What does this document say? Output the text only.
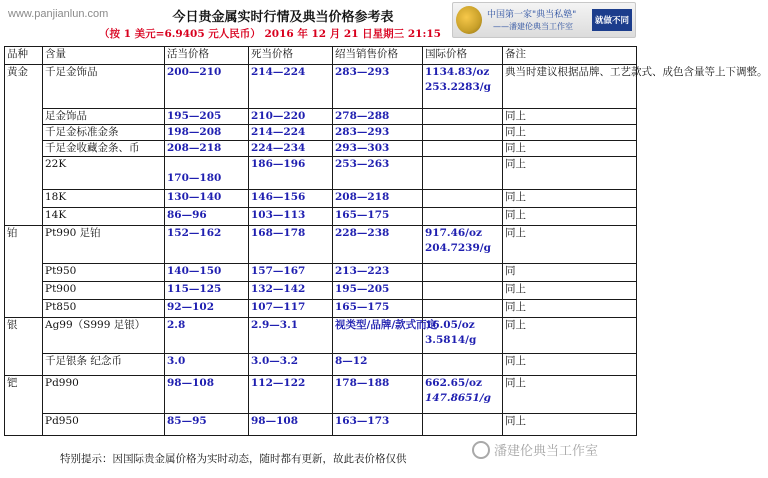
www.panjianlun.com	今日贵金属实时行情及典当价格参考表
（按 1 美元=6.9405 元人民币） 2016 年 12 月 21 日星期三 21:15
中国第一家"典当私塾"
——潘建伦典当工作室
就做不同
品种	含量	活当价格	死当价格	绍当销售价格	国际价格	备注
黄金	千足金饰品	200—210	214—224	283—293	1134.83/oz
253.2283/g	典当时建议根据品牌、工艺款式、成色含量等上下调整。
	足金饰品	195—205	210—220	278—288		同上
	千足金标准金条	198—208	214—224	283—293		同上
	千足金收藏金条、币	208—218	224—234	293—303		同上
	22K	170—180	186—196	253—263		同上
	18K	130—140	146—156	208—218		同上
	14K	86—96	103—113	165—175		同上
铂	Pt990 足铂	152—162	168—178	228—238	917.46/oz
204.7239/g	同上
	Pt950	140—150	157—167	213—223		同
	Pt900	115—125	132—142	195—205		同上
	Pt850	92—102	107—117	165—175		同上
银	Ag99（S999 足银）	2.8	2.9—3.1	视类型/品牌/款式而定	16.05/oz
3.5814/g	同上
	千足银条 纪念币	3.0	3.0—3.2	8—12		同上
钯	Pd990	98—108	112—122	178—188	662.65/oz
147.8651/g	同上
	Pd950	85—95	98—108	163—173		同上
特别提示：因国际贵金属价格为实时动态，随时都有更新，故此表价格仅供	潘建伦典当工作室
